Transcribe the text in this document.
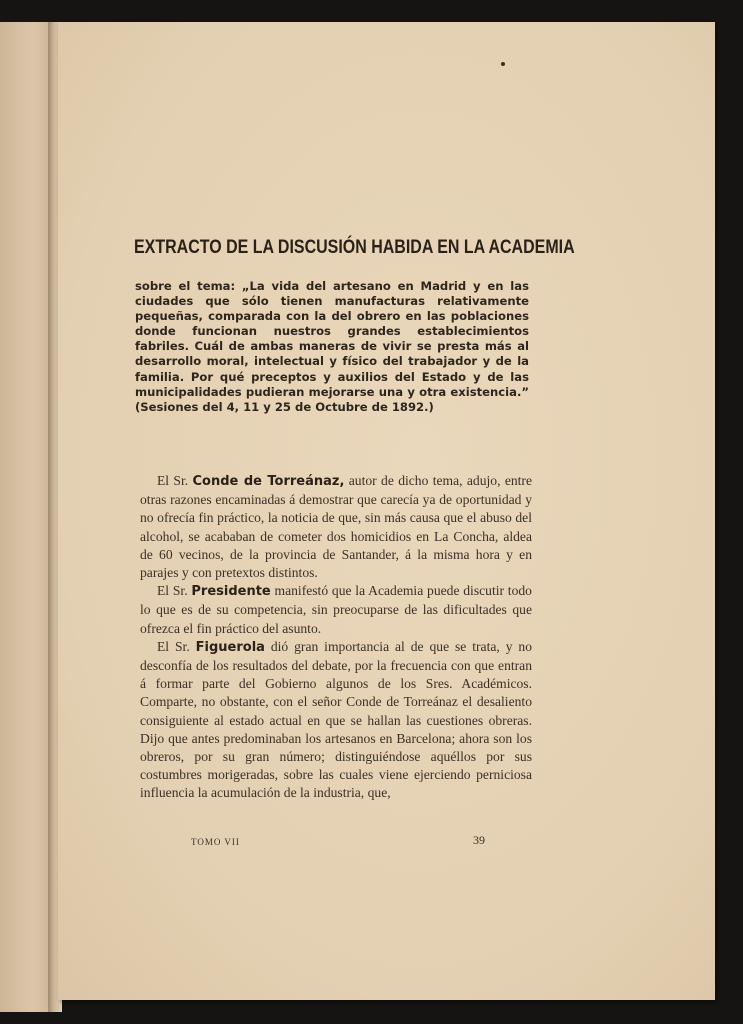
EXTRACTO DE LA DISCUSIÓN HABIDA EN LA ACADEMIA
sobre el tema: „La vida del artesano en Madrid y en las ciudades que sólo tienen manufacturas relativamente pequeñas, comparada con la del obrero en las poblaciones donde funcionan nuestros grandes establecimientos fabriles. Cuál de ambas maneras de vivir se presta más al desarrollo moral, intelectual y físico del trabajador y de la familia. Por qué preceptos y auxilios del Estado y de las municipalidades pudieran mejorarse una y otra existencia.” (Sesiones del 4, 11 y 25 de Octubre de 1892.)

El Sr. Conde de Torreánaz, autor de dicho tema, adujo, entre otras razones encaminadas á demostrar que carecía ya de oportunidad y no ofrecía fin práctico, la noticia de que, sin más causa que el abuso del alcohol, se acababan de cometer dos homicidios en La Concha, aldea de 60 vecinos, de la provincia de Santander, á la misma hora y en parajes y con pretextos distintos.

El Sr. Presidente manifestó que la Academia puede discutir todo lo que es de su competencia, sin preocuparse de las dificultades que ofrezca el fin práctico del asunto.

El Sr. Figuerola dió gran importancia al de que se trata, y no desconfía de los resultados del debate, por la frecuencia con que entran á formar parte del Gobierno algunos de los Sres. Académicos. Comparte, no obstante, con el señor Conde de Torreánaz el desaliento consiguiente al estado actual en que se hallan las cuestiones obreras. Dijo que antes predominaban los artesanos en Barcelona; ahora son los obreros, por su gran número; distinguiéndose aquéllos por sus costumbres morigeradas, sobre las cuales viene ejerciendo perniciosa influencia la acumulación de la industria, que,

TOMO VII	39
